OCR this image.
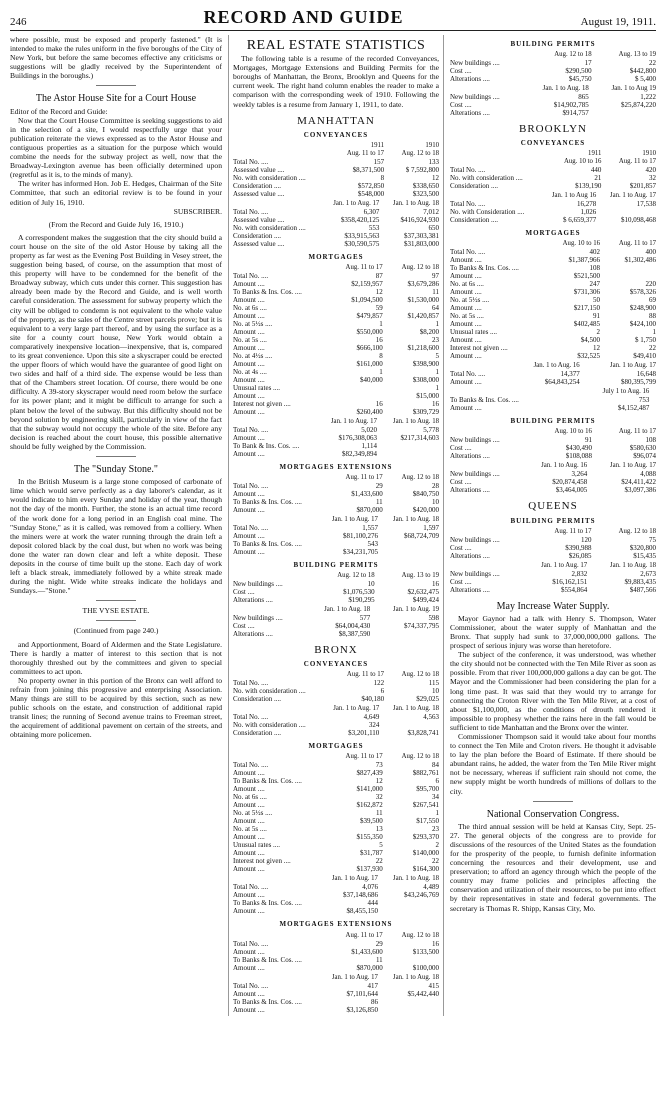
246	RECORD AND GUIDE	August 19, 1911.

where possible, must be exposed and properly fastened." (It is intended to make the rules uniform in the five boroughs of the City of New York, but before the same becomes effective any criticisms or suggestions will be gladly received by the Superintendent of Buildings in the boroughs.)

The Astor House Site for a Court House

Editor of the Record and Guide:

Now that the Court House Committee is seeking suggestions to aid in the selection of a site, I would respectfully urge that your publication reiterate the views expressed as to the Astor House and contiguous properties as a situation for the purpose which would combine the needs for the subway project as well, now that the Broadway-Lexington avenue has been officially determined upon (regretful as it is, to the minds of many).

The writer has informed Hon. Job E. Hedges, Chairman of the Site Committee, that such an editorial review is to be found in your edition of July 16, 1910.

SUBSCRIBER.

(From the Record and Guide July 16, 1910.)

A correspondent makes the suggestion that the city should build a court house on the site of the old Astor House by taking all the property as far west as the Evening Post Building in Vesey street, the suggestion being based, of course, on the assumption that most of this property will have to be condemned for the benefit of the Broadway subway, which cuts under this corner. This suggestion has already been made by the Record and Guide, and is well worth careful consideration. The assessment for subway property which the city will be obliged to condemn is not equivalent to the whole value of the property, as the sales of the Centre street parcels prove; but it is equivalent to a very large part thereof, and by using the surface as a site for a county court house, New York would obtain a comparatively inexpensive location—inexpensive, that is, compared to its great convenience. Upon this site a skyscraper could be erected the upper floors of which would have the guarantee of good light on two sides and half of a third side. The expense would be less than that of the Chambers street location. Of course, there would be one difficulty. A 39-story skyscraper would need room below the surface for its power plant; and it might be difficult to arrange for such a plant below the level of the subway. But this difficulty should not be beyond solution by engineering skill, particularly in view of the fact that the subway would not occupy the whole of the site. Before any decision is reached about the court house, this possible alternative should be fully weighed by the Commission.

The "Sunday Stone."

In the British Museum is a large stone composed of carbonate of lime which would serve perfectly as a day laborer's calendar, as it would indicate to him every Sunday and holiday of the year, though not the day of the month. Further, the stone is an actual time record of the work done for a long period in an English coal mine. The "Sunday Stone," as it is called, was removed from a colliery. When the miners were at work the water running through the drain left a deposit colored black by the coal dust, but when no work was being done the water ran down clear and left a white deposit. These deposits in the course of time built up the stone. Each day of work left a black streak, immediately followed by a white streak made during the night. Wide white streaks indicate the holidays and Sundays.—"Stone."

THE VYSE ESTATE.

(Continued from page 240.)

and Apportionment, Board of Aldermen and the State Legislature. There is hardly a matter of interest to this section that is not thoroughly threshed out by the committees and given to special committees to act upon.

No property owner in this portion of the Bronx can well afford to refrain from joining this progressive and enterprising Association. Many things are still to be acquired by this section, such as new public schools on the estate, and construction of additional rapid transit lines; the running of Second avenue trains to Freeman street, the acquirement of additional pavement on certain of the streets, and obtaining more policemen.

REAL ESTATE STATISTICS

The following table is a resume of the recorded Conveyances, Mortgages, Mortgage Extensions and Building Permits for the boroughs of Manhattan, the Bronx, Brooklyn and Queens for the current week. The right hand column enables the reader to make a comparison with the corresponding week of 1910. Following the weekly tables is a resume from January 1, 1911, to date.

MANHATTAN
CONVEYANCES
	1911	1910
	Aug. 11 to 17	Aug. 12 to 18
Total No. ....	157	133
Assessed value ....	$8,371,500	$ 7,592,800
No. with consideration ....	8	12
Consideration ....	$572,850	$338,650
Assessed value ....	$548,000	$323,500
	Jan. 1 to Aug. 17	Jan. 1 to Aug. 18
Total No. ....	6,307	7,012
Assessed value ....	$358,420,125	$416,924,930
No. with consideration ....	553	650
Consideration ....	$33,915,563	$37,303,381
Assessed value ....	$30,590,575	$31,803,000
MORTGAGES
	Aug. 11 to 17	Aug. 12 to 18
Total No. ....	87	97
Amount ....	$2,159,957	$3,679,286
To Banks & Ins. Cos. ....	12	11
Amount ....	$1,094,500	$1,530,000
No. at 6s ....	59	64
Amount ....	$479,857	$1,420,857
No. at 5½s ....	1	1
Amount ....	$550,000	$8,200
No. at 5s ....	16	23
Amount ....	$666,100	$1,218,600
No. at 4½s ....	8	5
Amount ....	$161,000	$398,900
No. at 4s ....	1	1
Amount ....	$40,000	$308,000
Unusual rates ....		1
Amount ....		$15,000
Interest not given ....	16	16
Amount ....	$260,400	$309,729
	Jan. 1 to Aug. 17	Jan. 1 to Aug. 18
Total No. ....	5,020	5,778
Amount ....	$176,308,063	$217,314,603
To Bank & Ins. Cos. ....	1,114	
Amount ....	$82,349,894	
MORTGAGES EXTENSIONS
	Aug. 11 to 17	Aug. 12 to 18
Total No. ....	29	28
Amount ....	$1,433,600	$840,750
To Banks & Ins. Cos. ....	11	10
Amount ....	$870,000	$420,000
	Jan. 1 to Aug. 17	Jan. 1 to Aug. 18
Total No. ....	1,557	1,597
Amount ....	$81,100,276	$68,724,709
To Banks & Ins. Cos. ....	543	
Amount ....	$34,231,705	
BUILDING PERMITS
	Aug. 12 to 18	Aug. 13 to 19
New buildings ....	10	16
Cost ....	$1,076,530	$2,632,475
Alterations ....	$190,295	$499,424
	Jan. 1 to Aug. 18	Jan. 1 to Aug. 19
New buildings ....	577	598
Cost ....	$64,004,430	$74,337,795
Alterations ....	$8,387,590	
BRONX
CONVEYANCES
	Aug. 11 to 17	Aug. 12 to 18
Total No. ....	122	115
No. with consideration ....	6	10
Consideration ....	$40,180	$29,025
	Jan. 1 to Aug. 17	Jan. 1 to Aug. 18
Total No. ....	4,649	4,563
No. with consideration ....	324	
Consideration ....	$3,201,110	$3,828,741
MORTGAGES
	Aug. 11 to 17	Aug. 12 to 18
Total No. ....	73	84
Amount ....	$827,439	$882,761
To Banks & Ins. Cos. ....	12	6
Amount ....	$141,000	$95,700
No. at 6s ....	32	34
Amount ....	$162,872	$267,541
No. at 5½s ....	11	1
Amount ....	$39,500	$17,550
No. at 5s ....	13	23
Amount ....	$155,350	$293,370
Unusual rates ....	5	2
Amount ....	$31,787	$140,000
Interest not given ....	22	22
Amount ....	$137,930	$164,300
	Jan. 1 to Aug. 17	Jan. 1 to Aug. 18
Total No. ....	4,076	4,489
Amount ....	$37,148,686	$43,246,769
To Banks & Ins. Cos. ....	444	
Amount ....	$8,455,150	
MORTGAGES EXTENSIONS
	Aug. 11 to 17	Aug. 12 to 18
Total No. ....	29	16
Amount ....	$1,433,600	$133,500
To Banks & Ins. Cos. ....	11	
Amount ....	$870,000	$100,000
	Jan. 1 to Aug. 17	Jan. 1 to Aug. 18
Total No. ....	417	415
Amount ....	$7,101,644	$5,442,440
To Banks & Ins. Cos. ....	86	
Amount ....	$3,126,850	
BUILDING PERMITS
	Aug. 12 to 18	Aug. 13 to 19
New buildings ....	17	22
Cost ....	$290,500	$442,800
Alterations ....	$45,750	$ 5,400
	Jan. 1 to Aug. 18	Jan. 1 to Aug 19
New buildings ....	865	1,222
Cost ....	$14,902,785	$25,874,220
Alterations ....	$914,757	
BROOKLYN
CONVEYANCES
	1911	1910
	Aug. 10 to 16	Aug. 11 to 17
Total No. ....	440	420
No. with consideration ....	21	32
Consideration ....	$139,190	$201,857
	Jan. 1 to Aug 16	Jan. 1 to Aug. 17
Total No. ....	16,278	17,538
No. with Consideration ....	1,026	
Consideration ....	$ 6,659,377	$10,098,468
MORTGAGES
	Aug. 10 to 16	Aug. 11 to 17
Total No. ....	402	400
Amount ....	$1,387,966	$1,302,486
To Banks & Ins. Cos. ....	108	
Amount ....	$521,500	
No. at 6s ....	247	220
Amount ....	$731,306	$578,326
No. at 5½s ....	50	69
Amount ....	$217,150	$248,900
No. at 5s ....	91	88
Amount ....	$402,485	$424,100
Unusual rates ....	2	1
Amount ....	$4,500	$ 1,750
Interest not given ....	12	22
Amount ....	$32,525	$49,410
	Jan. 1 to Aug. 16	Jan. 1 to Aug. 17
Total No. ....	14,377	16,648
Amount ....	$64,843,254	$80,395,799
	July 1 to Aug. 16	
To Banks & Ins. Cos. ....	753	
Amount ....	$4,152,487	
BUILDING PERMITS
	Aug. 10 to 16	Aug. 11 to 17
New buildings ....	91	108
Cost ....	$430,490	$580,630
Alterations ....	$108,088	$96,074
	Jan. 1 to Aug. 16	Jan. 1 to Aug. 17
New buildings ....	3,264	4,088
Cost ....	$20,874,458	$24,411,422
Alterations ....	$3,464,005	$3,097,386
QUEENS
BUILDING PERMITS
	Aug. 11 to 17	Aug. 12 to 18
New buildings ....	120	75
Cost ....	$390,988	$320,800
Alterations ....	$26,085	$15,435
	Jan. 1 to Aug. 17	Jan. 1 to Aug. 18
New buildings ....	2,832	2,673
Cost ....	$16,162,151	$9,883,435
Alterations ....	$554,864	$487,566
May Increase Water Supply.

Mayor Gaynor had a talk with Henry S. Thompson, Water Commissioner, about the water supply of Manhattan and the Bronx. That supply had sunk to 37,000,000,000 gallons. The prospect of serious injury was worse than heretofore.

The subject of the conference, it was understood, was whether the city should not be connected with the Ten Mile River as soon as possible. From that river 100,000,000 gallons a day can be got. The Mayor and the Commissioner had been considering the plan for a long time past. It was said that they would try to arrange for connecting the Croton River with the Ten Mile River, at a cost of about $1,100,000, as the conditions of drouth rendered it impossible to prophesy whether the rains here in the fall would be sufficient to tide Manhattan and the Bronx over the winter.

Commissioner Thompson said it would take about four months to connect the Ten Mile and Croton rivers. He thought it advisable to lay the plan before the Board of Estimate. If there should be abundant rains, he added, the water from the Ten Mile River might not be necessary, whereas if sufficient rain should not come, the new supply might be worth hundreds of millions of dollars to the city.

National Conservation Congress.

The third annual session will be held at Kansas City, Sept. 25-27. The general objects of the congress are to provide for discussions of the resources of the United States as the foundation for the prosperity of the people, to furnish definite information concerning the resources and their development, use and preservation; to afford an agency through which the people of the country may frame policies and principles affecting the conservation and utilization of their resources, to be put into effect by their representatives in state and federal governments. The secretary is Thomas R. Shipp, Kansas City, Mo.
